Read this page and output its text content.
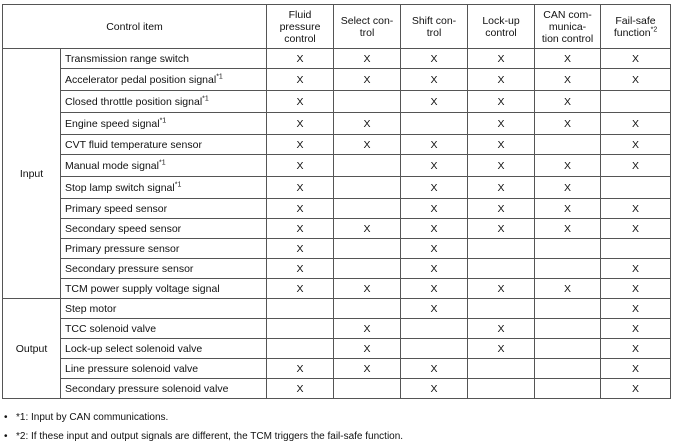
Control item		Fluid
pressure
control	Select con-
trol	Shift con-
trol	Lock-up
control	CAN com-
munica-
tion control	Fail-safe
function$^{*2}$
Input	Transmission range switch	X	X	X	X	X	X
	Accelerator pedal position signal$^{*1}$	X	X	X	X	X	X
	Closed throttle position signal$^{*1}$	X		X	X	X	
	Engine speed signal$^{*1}$	X	X		X	X	X
	CVT fluid temperature sensor	X	X	X	X		X
	Manual mode signal$^{*1}$	X		X	X	X	X
	Stop lamp switch signal$^{*1}$	X		X	X	X	
	Primary speed sensor	X		X	X	X	X
	Secondary speed sensor	X	X	X	X	X	X
	Primary pressure sensor	X		X			
	Secondary pressure sensor	X		X			X
	TCM power supply voltage signal	X	X	X	X	X	X
Output	Step motor			X			X
	TCC solenoid valve		X		X		X
	Lock-up select solenoid valve		X		X		X
	Line pressure solenoid valve	X	X	X			X
	Secondary pressure solenoid valve	X		X			X
• *1: Input by CAN communications.
• *2: If these input and output signals are different, the TCM triggers the fail-safe function.
